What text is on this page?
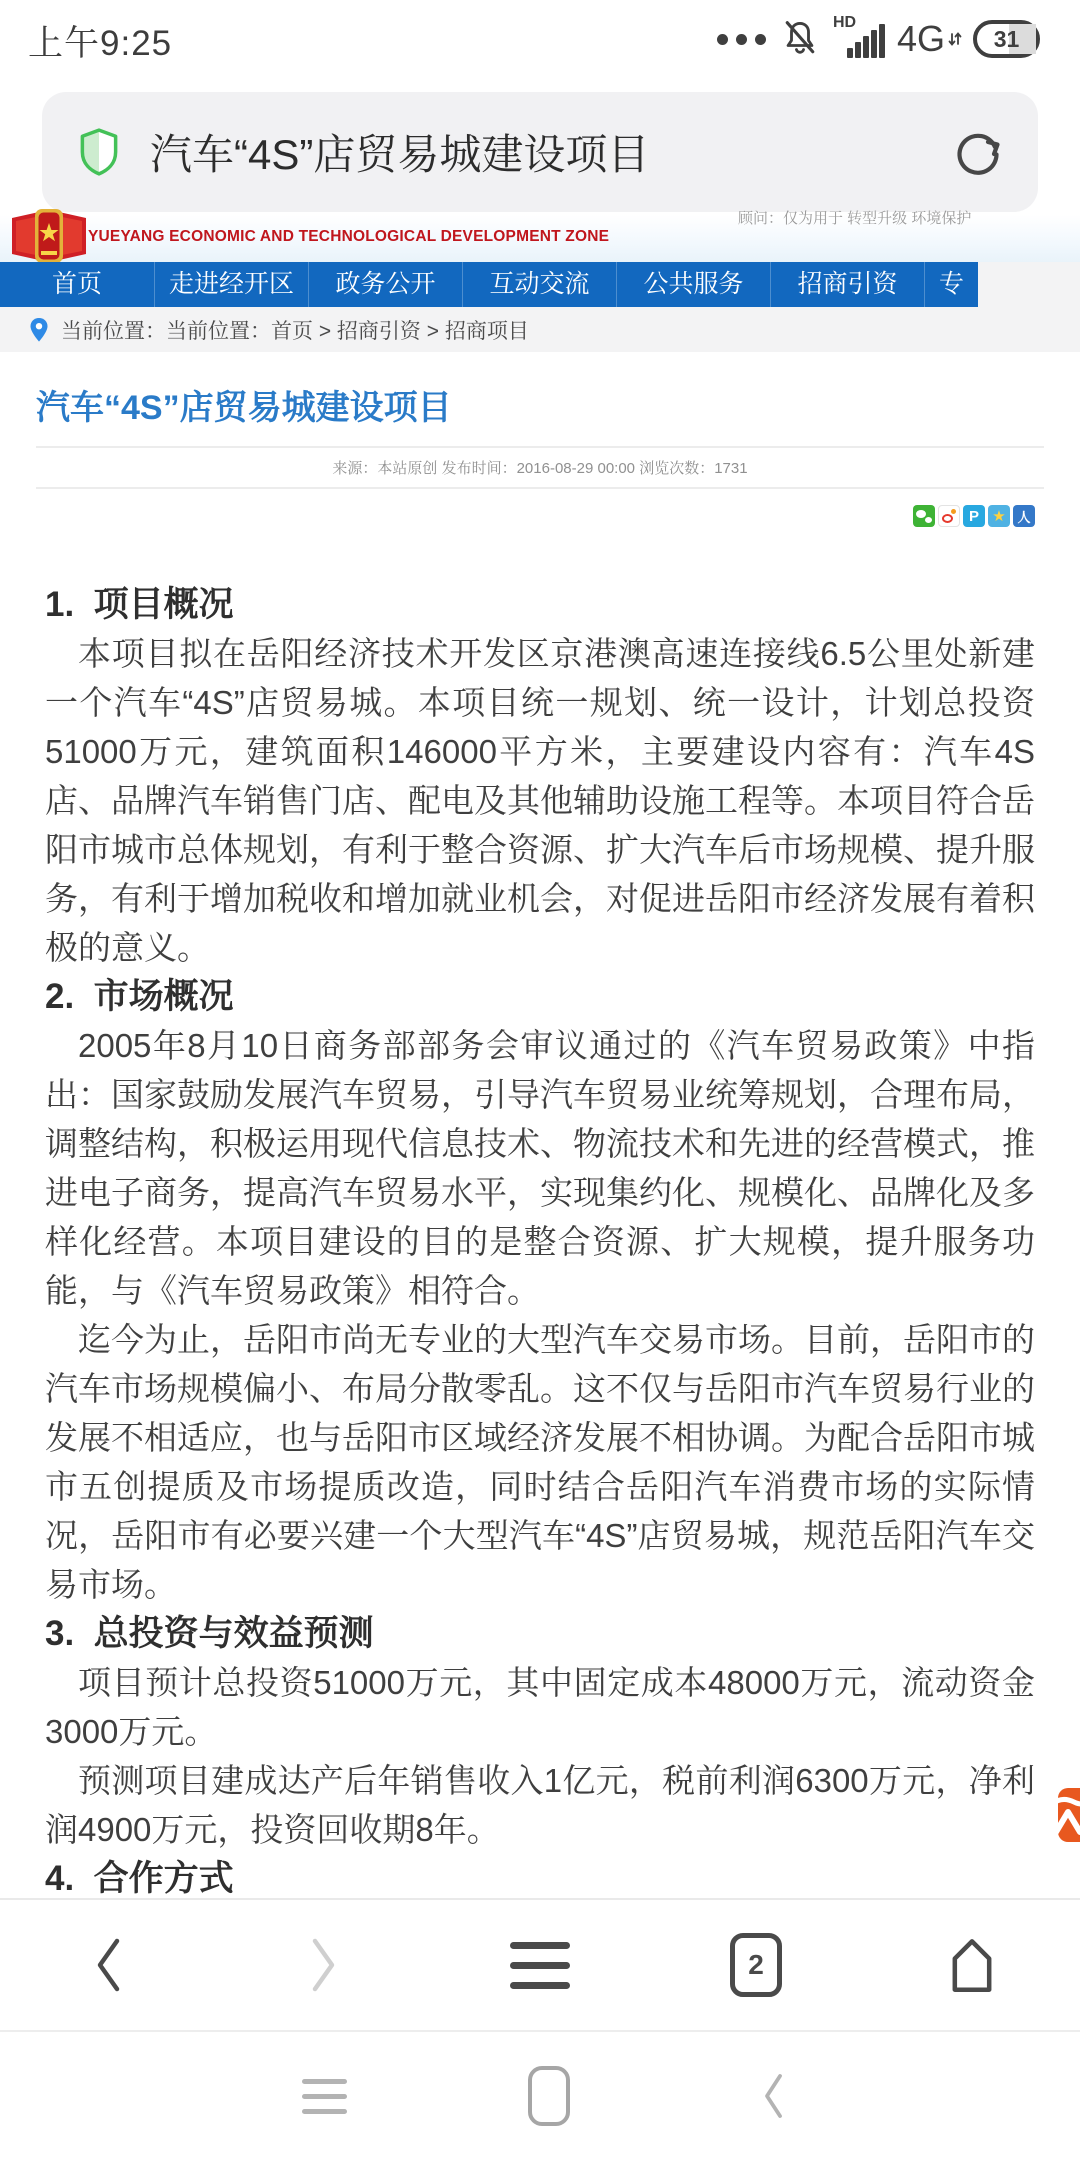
上午9:25
HD 4G	31
汽车“4S”店贸易城建设项目
YUEYANG ECONOMIC AND TECHNOLOGICAL DEVELOPMENT ZONE
顾问：仅为用于 转型升级 环境保护
首页	走进经开区	政务公开	互动交流	公共服务	招商引资	专
当前位置：当前位置：首页 > 招商引资 > 招商项目
汽车“4S”店贸易城建设项目
来源：本站原创 发布时间：2016-08-29 00:00 浏览次数：1731
P ★ 人
1.  项目概况
本项目拟在岳阳经济技术开发区京港澳高速连接线6.5公里处新建一个汽车“4S”店贸易城。本项目统一规划、统一设计，计划总投资51000万元，建筑面积146000平方米，主要建设内容有：汽车4S店、品牌汽车销售门店、配电及其他辅助设施工程等。本项目符合岳阳市城市总体规划，有利于整合资源、扩大汽车后市场规模、提升服务，有利于增加税收和增加就业机会，对促进岳阳市经济发展有着积极的意义。
2.  市场概况
2005年8月10日商务部部务会审议通过的《汽车贸易政策》中指出：国家鼓励发展汽车贸易，引导汽车贸易业统筹规划，合理布局，调整结构，积极运用现代信息技术、物流技术和先进的经营模式，推进电子商务，提高汽车贸易水平，实现集约化、规模化、品牌化及多样化经营。本项目建设的目的是整合资源、扩大规模，提升服务功能，与《汽车贸易政策》相符合。
迄今为止，岳阳市尚无专业的大型汽车交易市场。目前，岳阳市的汽车市场规模偏小、布局分散零乱。这不仅与岳阳市汽车贸易行业的发展不相适应，也与岳阳市区域经济发展不相协调。为配合岳阳市城市五创提质及市场提质改造，同时结合岳阳汽车消费市场的实际情况，岳阳市有必要兴建一个大型汽车“4S”店贸易城，规范岳阳汽车交易市场。
3.  总投资与效益预测
项目预计总投资51000万元，其中固定成本48000万元，流动资金3000万元。
预测项目建成达产后年销售收入1亿元，税前利润6300万元，净利润4900万元，投资回收期8年。
4.  合作方式
2
